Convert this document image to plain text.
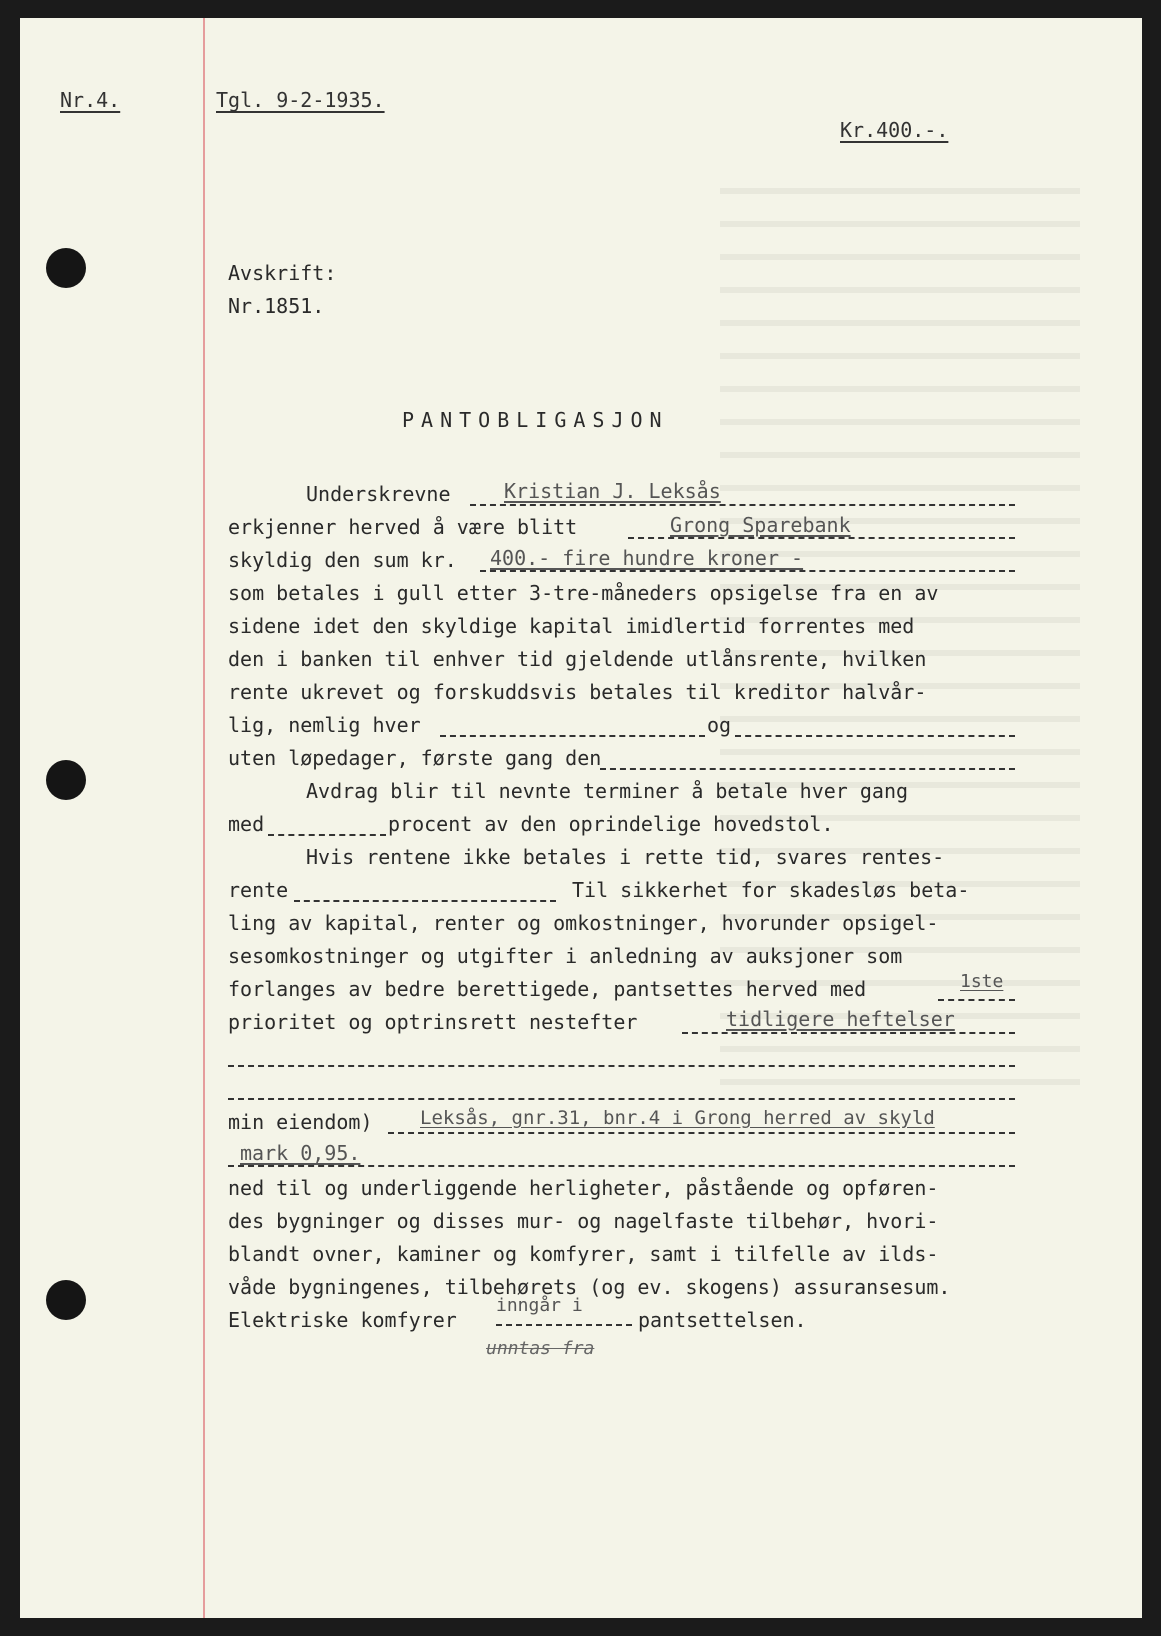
Nr.4.	Tgl. 9-2-1935.
Kr.400.-.
Avskrift:
Nr.1851.
PANTOBLIGASJON
Underskrevne	Kristian J. Leksås
erkjenner herved å være blitt	Grong Sparebank
skyldig den sum kr. 400.- fire hundre kroner -
som betales i gull etter 3-tre-måneders opsigelse fra en av
sidene idet den skyldige kapital imidlertid forrentes med
den i banken til enhver tid gjeldende utlånsrente, hvilken
rente ukrevet og forskuddsvis betales til kreditor halvår-
lig, nemlig hver	og
uten løpedager, første gang den
Avdrag blir til nevnte terminer å betale hver gang
med	procent av den oprindelige hovedstol.
Hvis rentene ikke betales i rette tid, svares rentes-
rente	Til sikkerhet for skadesløs beta-
ling av kapital, renter og omkostninger, hvorunder opsigel-
sesomkostninger og utgifter i anledning av auksjoner som
forlanges av bedre berettigede, pantsettes herved med	1ste
prioritet og optrinsrett nestefter	tidligere heftelser
min eiendom)	Leksås, gnr.31, bnr.4 i Grong herred av skyld
mark 0,95.
ned til og underliggende herligheter, påstående og opføren-
des bygninger og disses mur- og nagelfaste tilbehør, hvori-
blandt ovner, kaminer og komfyrer, samt i tilfelle av ilds-
våde bygningenes, tilbehørets (og ev. skogens) assuransesum.
Elektriske komfyrer
inngår i
pantsettelsen.
unntas fra
